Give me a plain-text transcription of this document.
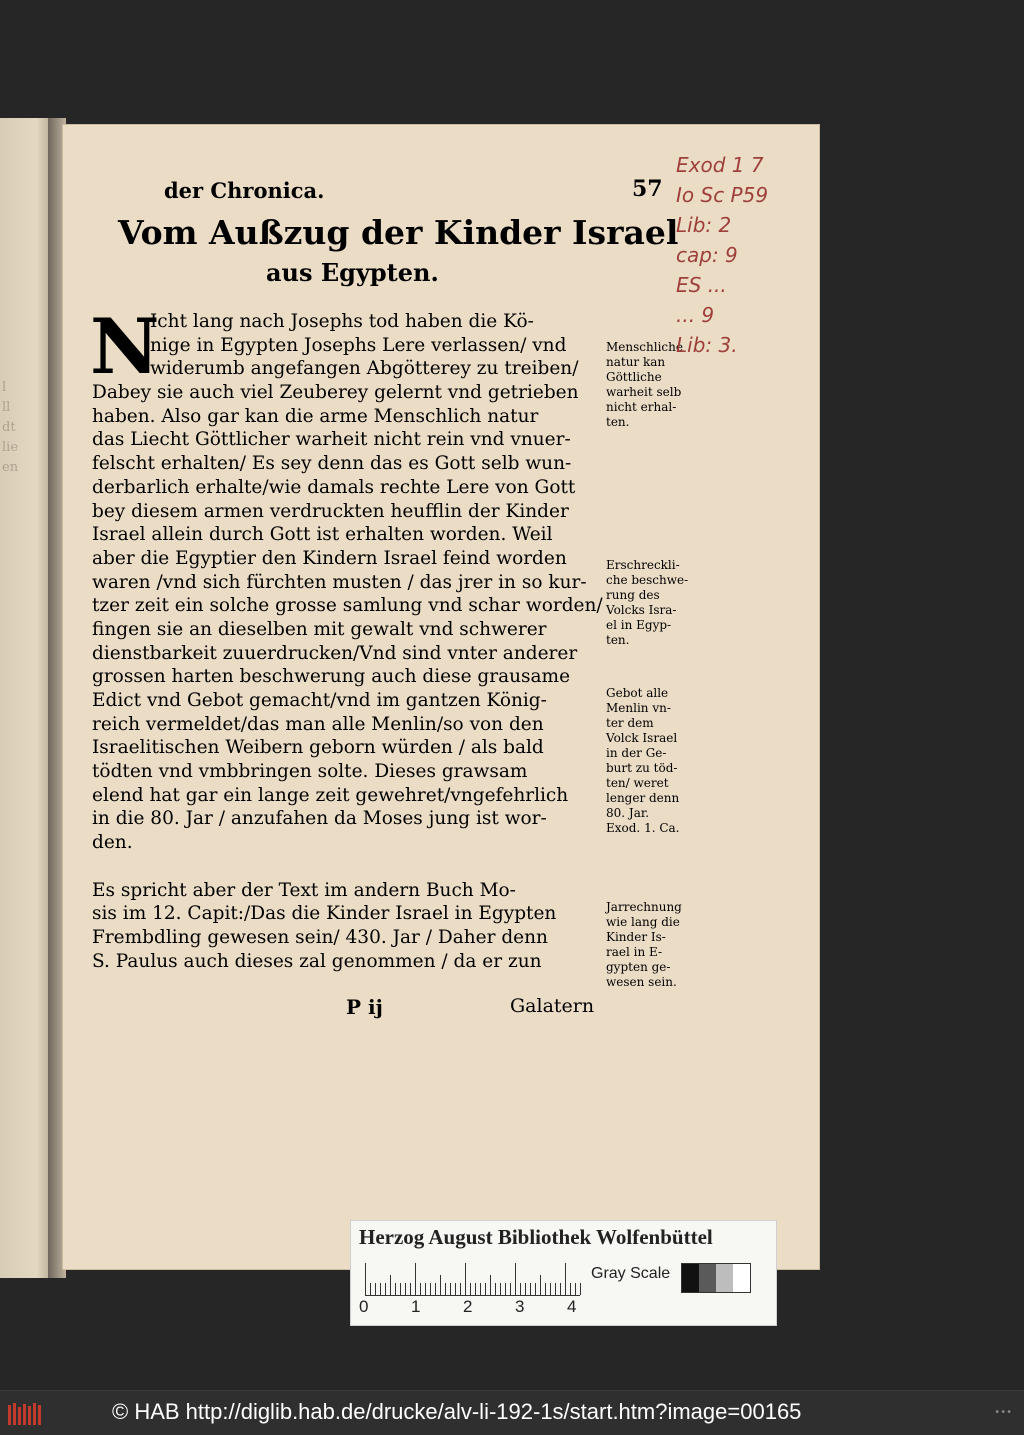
l
ll
dt
lie
en

der Chronica.	57
Vom Außzug der Kinder Israel
aus Egypten.
N
Icht lang nach Josephs tod haben die Kö-
nige in Egypten Josephs Lere verlassen/ vnd
widerumb angefangen Abgötterey zu treiben/
Dabey sie auch viel Zeuberey gelernt vnd getrieben
haben. Also gar kan die arme Menschlich natur
das Liecht Göttlicher warheit nicht rein vnd vnuer-
felscht erhalten/ Es sey denn das es Gott selb wun-
derbarlich erhalte/wie damals rechte Lere von Gott
bey diesem armen verdruckten heufflin der Kinder
Israel allein durch Gott ist erhalten worden. Weil
aber die Egyptier den Kindern Israel feind worden
waren /vnd sich fürchten musten / das jrer in so kur-
tzer zeit ein solche grosse samlung vnd schar worden/
fingen sie an dieselben mit gewalt vnd schwerer
dienstbarkeit zuuerdrucken/Vnd sind vnter anderer
grossen harten beschwerung auch diese grausame
Edict vnd Gebot gemacht/vnd im gantzen König-
reich vermeldet/das man alle Menlin/so von den
Israelitischen Weibern geborn würden / als bald
tödten vnd vmbbringen solte. Dieses grawsam
elend hat gar ein lange zeit gewehret/vngefehrlich
in die 80. Jar / anzufahen da Moses jung ist wor-
den.
Es spricht aber der Text im andern Buch Mo-
sis im 12. Capit:/Das die Kinder Israel in Egypten
Frembdling gewesen sein/ 430. Jar / Daher denn
S. Paulus auch dieses zal genommen / da er zun
Menschliche
natur kan
Göttliche
warheit selb
nicht erhal-
ten.
Erschreckli-
che beschwe-
rung des
Volcks Isra-
el in Egyp-
ten.
Gebot alle
Menlin vn-
ter dem
Volck Israel
in der Ge-
burt zu töd-
ten/ weret
lenger denn
80. Jar.
Exod. 1. Ca.
Jarrechnung
wie lang die
Kinder Is-
rael in E-
gypten ge-
wesen sein.
P ij	Galatern
Exod 1 7
Io Sc P59
Lib: 2
cap: 9
ES ...
... 9
Lib: 3.
Herzog August Bibliothek Wolfenbüttel
0	1	2	3	4
Gray Scale
© HAB http://diglib.hab.de/drucke/alv-li-192-1s/start.htm?image=00165	•••
